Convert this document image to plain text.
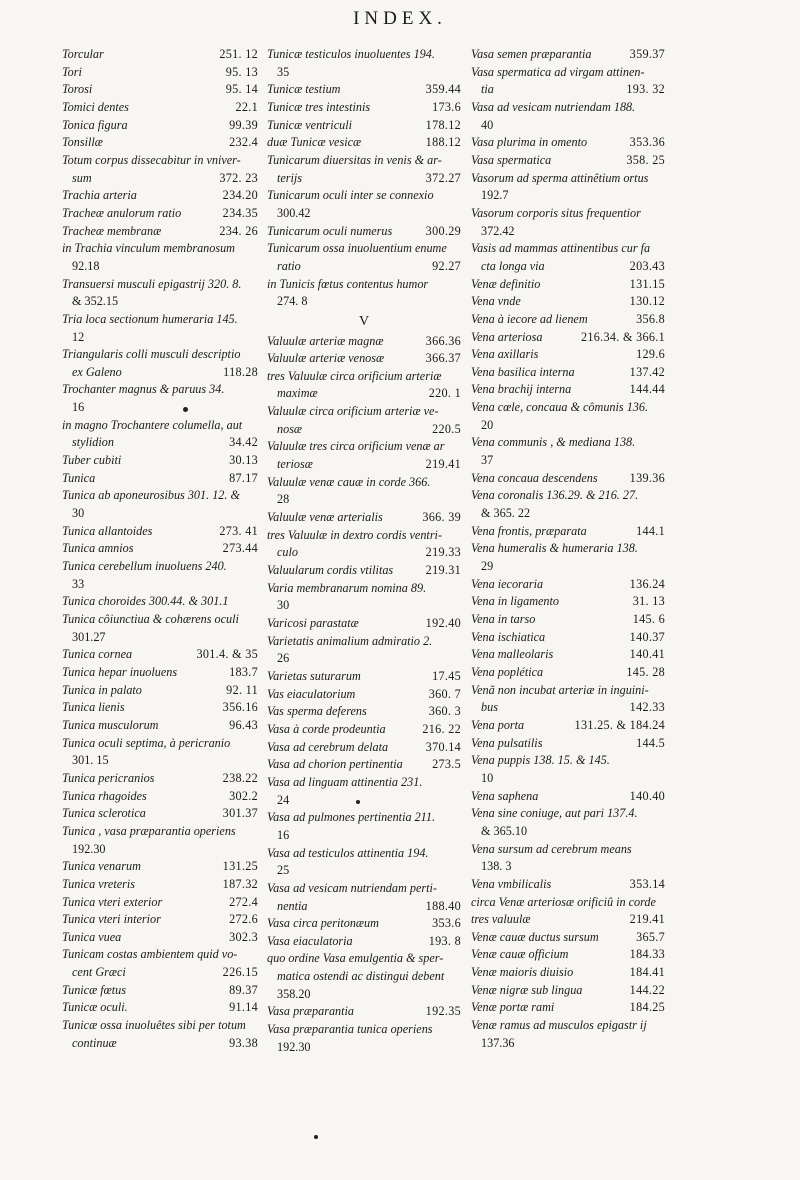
INDEX.
Torcular	251. 12
Tori	95. 13
Torosi	95. 14
Tomici dentes	22.1
Tonica figura	99.39
Tonsillæ	232.4
Totum corpus dissecabitur in vniver-
sum	372. 23
Trachia arteria	234.20
Tracheæ anulorum ratio	234.35
Tracheæ membranæ	234. 26
in Trachia vinculum membranosum
92.18
Transuersi musculi epigastrij 320. 8.
& 352.15
Tria loca sectionum humeraria 145.
12
Triangularis colli musculi descriptio
ex Galeno	118.28
Trochanter magnus & paruus 34.
16
in magno Trochantere columella, aut
stylidion	34.42
Tuber cubiti	30.13
Tunica	87.17
Tunica ab aponeurosibus 301. 12. &
30
Tunica allantoides	273. 41
Tunica amnios	273.44
Tunica cerebellum inuoluens 240.
33
Tunica choroides 300.44. & 301.1
Tunica côiunctiua & cohærens oculi
301.27
Tunica cornea	301.4. & 35
Tunica hepar inuoluens	183.7
Tunica in palato	92. 11
Tunica lienis	356.16
Tunica musculorum	96.43
Tunica oculi septima, à pericranio
301. 15
Tunica pericranios	238.22
Tunica rhagoides	302.2
Tunica sclerotica	301.37
Tunica , vasa præparantia operiens
192.30
Tunica venarum	131.25
Tunica vreteris	187.32
Tunica vteri exterior	272.4
Tunica vteri interior	272.6
Tunica vuea	302.3
Tunicam costas ambientem quid vo-
cent Græci	226.15
Tunicæ fœtus	89.37
Tunicæ oculi.	91.14
Tunicæ ossa inuoluêtes sibi per totum
continuæ	93.38
Tunicæ testiculos inuoluentes 194.
35
Tunicæ testium	359.44
Tunicæ tres intestinis	173.6
Tunicæ ventriculi	178.12
duæ Tunicæ vesicæ	188.12
Tunicarum diuersitas in venis & ar-
terijs	372.27
Tunicarum oculi inter se connexio
300.42
Tunicarum oculi numerus	300.29
Tunicarum ossa inuoluentium enume
ratio	92.27
in Tunicis fœtus contentus humor
274. 8
V
Valuulæ arteriæ magnæ	366.36
Valuulæ arteriæ venosæ	366.37
tres Valuulæ circa orificium arteriæ
maximæ	220. 1
Valuulæ circa orificium arteriæ ve-
nosæ	220.5
Valuulæ tres circa orificium venæ ar
teriosæ	219.41
Valuulæ venæ cauæ in corde 366.
28
Valuulæ venæ arterialis	366. 39
tres Valuulæ in dextro cordis ventri-
culo	219.33
Valuularum cordis vtilitas	219.31
Varia membranarum nomina 89.
30
Varicosi parastatæ	192.40
Varietatis animalium admiratio 2.
26
Varietas suturarum	17.45
Vas eiaculatorium	360. 7
Vas sperma deferens	360. 3
Vasa à corde prodeuntia	216. 22
Vasa ad cerebrum delata	370.14
Vasa ad chorion pertinentia	273.5
Vasa ad linguam attinentia 231.
24
Vasa ad pulmones pertinentia 211.
16
Vasa ad testiculos attinentia 194.
25
Vasa ad vesicam nutriendam perti-
nentia	188.40
Vasa circa peritonæum	353.6
Vasa eiaculatoria	193. 8
quo ordine Vasa emulgentia & sper-
matica ostendi ac distingui debent
358.20
Vasa præparantia	192.35
Vasa præparantia tunica operiens
192.30
Vasa semen præparantia	359.37
Vasa spermatica ad virgam attinen-
tia	193. 32
Vasa ad vesicam nutriendam 188.
40
Vasa plurima in omento	353.36
Vasa spermatica	358. 25
Vasorum ad sperma attinêtium ortus
192.7
Vasorum corporis situs frequentior
372.42
Vasis ad mammas attinentibus cur fa
cta longa via	203.43
Venæ definitio	131.15
Vena vnde	130.12
Vena à iecore ad lienem	356.8
Vena arteriosa	216.34. & 366.1
Vena axillaris	129.6
Vena basilica interna	137.42
Vena brachij interna	144.44
Vena cœle, concaua & cômunis 136.
20
Vena communis , & mediana 138.
37
Vena concaua descendens	139.36
Vena coronalis 136.29. & 216. 27.
& 365. 22
Vena frontis, præparata	144.1
Vena humeralis & humeraria 138.
29
Vena iecoraria	136.24
Vena in ligamento	31. 13
Vena in tarso	145. 6
Vena ischiatica	140.37
Vena malleolaris	140.41
Vena poplética	145. 28
Venã non incubat arteriæ in inguini-
bus	142.33
Vena porta	131.25. & 184.24
Vena pulsatilis	144.5
Vena puppis 138. 15. & 145.
10
Vena saphena	140.40
Vena sine coniuge, aut pari 137.4.
& 365.10
Vena sursum ad cerebrum means
138. 3
Vena vmbilicalis	353.14
circa Venæ arteriosæ orificiû in corde
tres valuulæ	219.41
Venæ cauæ ductus sursum	365.7
Venæ cauæ officium	184.33
Venæ maioris diuisio	184.41
Venæ nigræ sub lingua	144.22
Venæ portæ rami	184.25
Venæ ramus ad musculos epigastr ij
137.36
